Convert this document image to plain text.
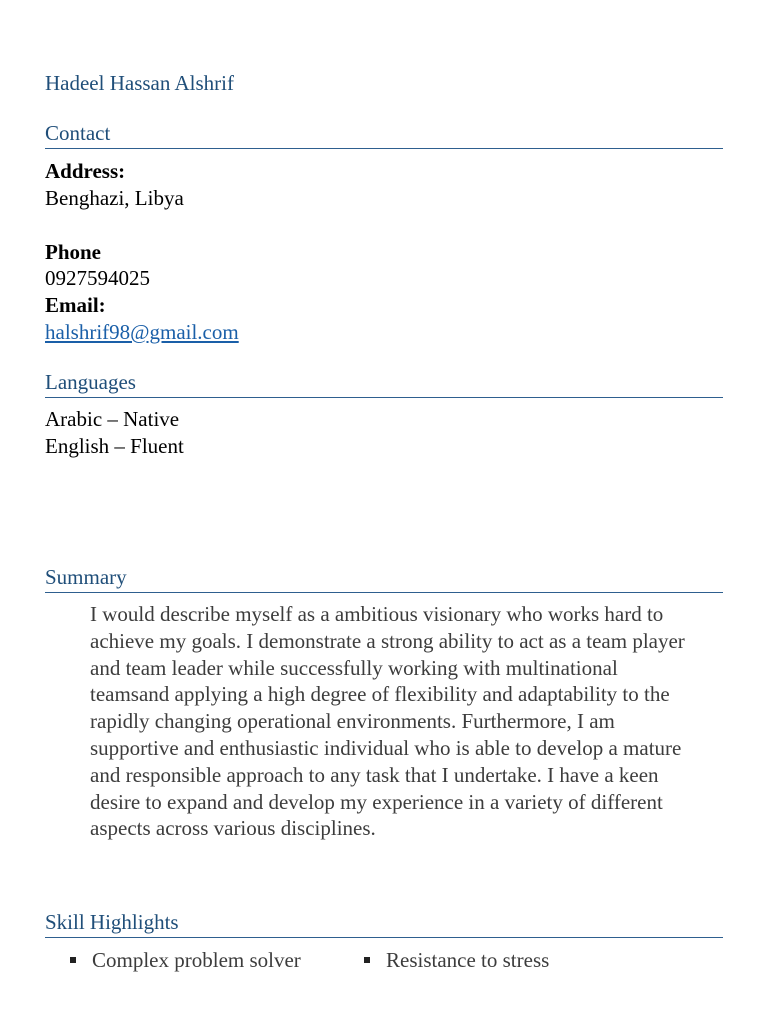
Hadeel Hassan Alshrif
Contact
Address:
Benghazi, Libya
Phone
0927594025
Email:
halshrif98@gmail.com
Languages
Arabic – Native
English – Fluent
Summary

I would describe myself as a ambitious visionary who works hard to achieve my goals. I demonstrate a strong ability to act as a team player and team leader while successfully working with multinational teamsand applying a high degree of flexibility and adaptability to the rapidly changing operational environments. Furthermore, I am supportive and enthusiastic individual who is able to develop a mature and responsible approach to any task that I undertake. I have a keen desire to expand and develop my experience in a variety of different aspects across various disciplines.

Skill Highlights
Complex problem solver	Resistance to stress
